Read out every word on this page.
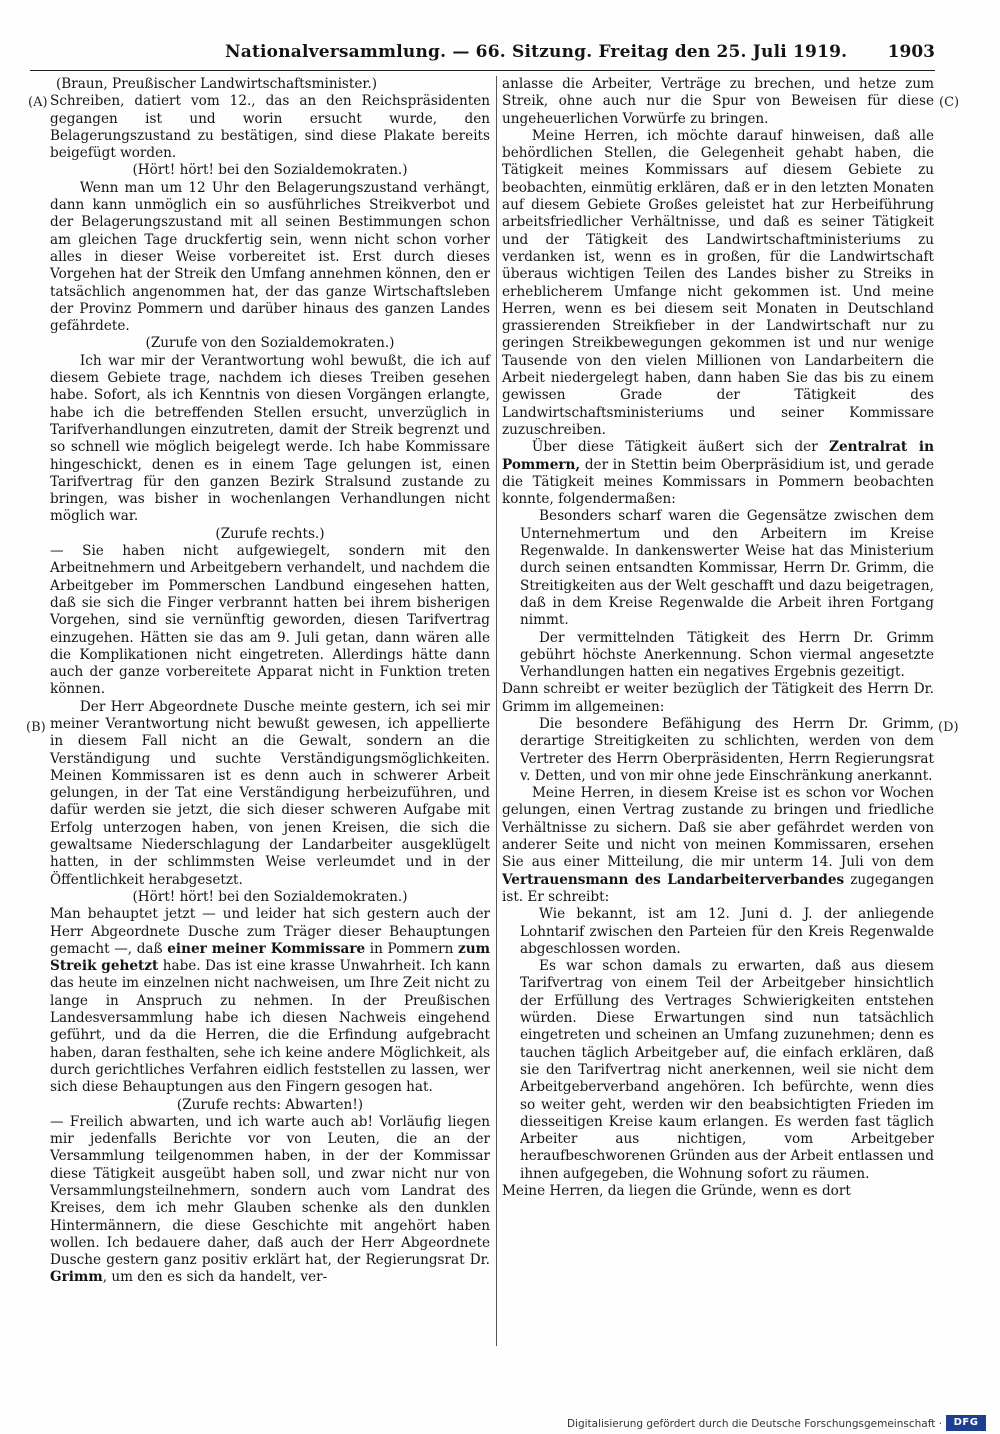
Nationalversammlung. — 66. Sitzung. Freitag den 25. Juli 1919. 1903
(A)
(B)
(C)
(D)

(Braun, Preußischer Landwirtschaftsminister.)

Schreiben, datiert vom 12., das an den Reichspräsidenten gegangen ist und worin ersucht wurde, den Belagerungszustand zu bestätigen, sind diese Plakate bereits beigefügt worden.

(Hört! hört! bei den Sozialdemokraten.)

Wenn man um 12 Uhr den Belagerungszustand verhängt, dann kann unmöglich ein so ausführliches Streikverbot und der Belagerungszustand mit all seinen Bestimmungen schon am gleichen Tage druckfertig sein, wenn nicht schon vorher alles in dieser Weise vorbereitet ist. Erst durch dieses Vorgehen hat der Streik den Umfang annehmen können, den er tatsächlich angenommen hat, der das ganze Wirtschaftsleben der Provinz Pommern und darüber hinaus des ganzen Landes gefährdete.

(Zurufe von den Sozialdemokraten.)

Ich war mir der Verantwortung wohl bewußt, die ich auf diesem Gebiete trage, nachdem ich dieses Treiben gesehen habe. Sofort, als ich Kenntnis von diesen Vorgängen erlangte, habe ich die betreffenden Stellen ersucht, unverzüglich in Tarifverhandlungen einzutreten, damit der Streik begrenzt und so schnell wie möglich beigelegt werde. Ich habe Kommissare hingeschickt, denen es in einem Tage gelungen ist, einen Tarifvertrag für den ganzen Bezirk Stralsund zustande zu bringen, was bisher in wochenlangen Verhandlungen nicht möglich war.

(Zurufe rechts.)

— Sie haben nicht aufgewiegelt, sondern mit den Arbeitnehmern und Arbeitgebern verhandelt, und nachdem die Arbeitgeber im Pommerschen Landbund eingesehen hatten, daß sie sich die Finger verbrannt hatten bei ihrem bisherigen Vorgehen, sind sie vernünftig geworden, diesen Tarifvertrag einzugehen. Hätten sie das am 9. Juli getan, dann wären alle die Komplikationen nicht eingetreten. Allerdings hätte dann auch der ganze vorbereitete Apparat nicht in Funktion treten können.

Der Herr Abgeordnete Dusche meinte gestern, ich sei mir meiner Verantwortung nicht bewußt gewesen, ich appellierte in diesem Fall nicht an die Gewalt, sondern an die Verständigung und suchte Verständigungsmöglichkeiten. Meinen Kommissaren ist es denn auch in schwerer Arbeit gelungen, in der Tat eine Verständigung herbeizuführen, und dafür werden sie jetzt, die sich dieser schweren Aufgabe mit Erfolg unterzogen haben, von jenen Kreisen, die sich die gewaltsame Niederschlagung der Landarbeiter ausgeklügelt hatten, in der schlimmsten Weise verleumdet und in der Öffentlichkeit herabgesetzt.

(Hört! hört! bei den Sozialdemokraten.)

Man behauptet jetzt — und leider hat sich gestern auch der Herr Abgeordnete Dusche zum Träger dieser Behauptungen gemacht —, daß einer meiner Kommissare in Pommern zum Streik gehetzt habe. Das ist eine krasse Unwahrheit. Ich kann das heute im einzelnen nicht nachweisen, um Ihre Zeit nicht zu lange in Anspruch zu nehmen. In der Preußischen Landesversammlung habe ich diesen Nachweis eingehend geführt, und da die Herren, die die Erfindung aufgebracht haben, daran festhalten, sehe ich keine andere Möglichkeit, als durch gerichtliches Verfahren eidlich feststellen zu lassen, wer sich diese Behauptungen aus den Fingern gesogen hat.

(Zurufe rechts: Abwarten!)

— Freilich abwarten, und ich warte auch ab! Vorläufig liegen mir jedenfalls Berichte vor von Leuten, die an der Versammlung teilgenommen haben, in der der Kommissar diese Tätigkeit ausgeübt haben soll, und zwar nicht nur von Versammlungsteilnehmern, sondern auch vom Landrat des Kreises, dem ich mehr Glauben schenke als den dunklen Hintermännern, die diese Geschichte mit angehört haben wollen. Ich bedauere daher, daß auch der Herr Abgeordnete Dusche gestern ganz positiv erklärt hat, der Regierungsrat Dr. Grimm, um den es sich da handelt, ver-

anlasse die Arbeiter, Verträge zu brechen, und hetze zum Streik, ohne auch nur die Spur von Beweisen für diese ungeheuerlichen Vorwürfe zu bringen.

Meine Herren, ich möchte darauf hinweisen, daß alle behördlichen Stellen, die Gelegenheit gehabt haben, die Tätigkeit meines Kommissars auf diesem Gebiete zu beobachten, einmütig erklären, daß er in den letzten Monaten auf diesem Gebiete Großes geleistet hat zur Herbeiführung arbeitsfriedlicher Verhältnisse, und daß es seiner Tätigkeit und der Tätigkeit des Landwirtschaftministeriums zu verdanken ist, wenn es in großen, für die Landwirtschaft überaus wichtigen Teilen des Landes bisher zu Streiks in erheblicherem Umfange nicht gekommen ist. Und meine Herren, wenn es bei diesem seit Monaten in Deutschland grassierenden Streikfieber in der Landwirtschaft nur zu geringen Streikbewegungen gekommen ist und nur wenige Tausende von den vielen Millionen von Landarbeitern die Arbeit niedergelegt haben, dann haben Sie das bis zu einem gewissen Grade der Tätigkeit des Landwirtschaftsministeriums und seiner Kommissare zuzuschreiben.

Über diese Tätigkeit äußert sich der Zentralrat in Pommern, der in Stettin beim Oberpräsidium ist, und gerade die Tätigkeit meines Kommissars in Pommern beobachten konnte, folgendermaßen:

Besonders scharf waren die Gegensätze zwischen dem Unternehmertum und den Arbeitern im Kreise Regenwalde. In dankenswerter Weise hat das Ministerium durch seinen entsandten Kommissar, Herrn Dr. Grimm, die Streitigkeiten aus der Welt geschafft und dazu beigetragen, daß in dem Kreise Regenwalde die Arbeit ihren Fortgang nimmt.

Der vermittelnden Tätigkeit des Herrn Dr. Grimm gebührt höchste Anerkennung. Schon viermal angesetzte Verhandlungen hatten ein negatives Ergebnis gezeitigt.

Dann schreibt er weiter bezüglich der Tätigkeit des Herrn Dr. Grimm im allgemeinen:

Die besondere Befähigung des Herrn Dr. Grimm, derartige Streitigkeiten zu schlichten, werden von dem Vertreter des Herrn Oberpräsidenten, Herrn Regierungsrat v. Detten, und von mir ohne jede Einschränkung anerkannt.

Meine Herren, in diesem Kreise ist es schon vor Wochen gelungen, einen Vertrag zustande zu bringen und friedliche Verhältnisse zu sichern. Daß sie aber gefährdet werden von anderer Seite und nicht von meinen Kommissaren, ersehen Sie aus einer Mitteilung, die mir unterm 14. Juli von dem Vertrauensmann des Landarbeiterverbandes zugegangen ist. Er schreibt:

Wie bekannt, ist am 12. Juni d. J. der anliegende Lohntarif zwischen den Parteien für den Kreis Regenwalde abgeschlossen worden.

Es war schon damals zu erwarten, daß aus diesem Tarifvertrag von einem Teil der Arbeitgeber hinsichtlich der Erfüllung des Vertrages Schwierigkeiten entstehen würden. Diese Erwartungen sind nun tatsächlich eingetreten und scheinen an Umfang zuzunehmen; denn es tauchen täglich Arbeitgeber auf, die einfach erklären, daß sie den Tarifvertrag nicht anerkennen, weil sie nicht dem Arbeitgeberverband angehören. Ich befürchte, wenn dies so weiter geht, werden wir den beabsichtigten Frieden im diesseitigen Kreise kaum erlangen. Es werden fast täglich Arbeiter aus nichtigen, vom Arbeitgeber heraufbeschworenen Gründen aus der Arbeit entlassen und ihnen aufgegeben, die Wohnung sofort zu räumen.

Meine Herren, da liegen die Gründe, wenn es dort

Digitalisierung gefördert durch die Deutsche Forschungsgemeinschaft ·	DFG
